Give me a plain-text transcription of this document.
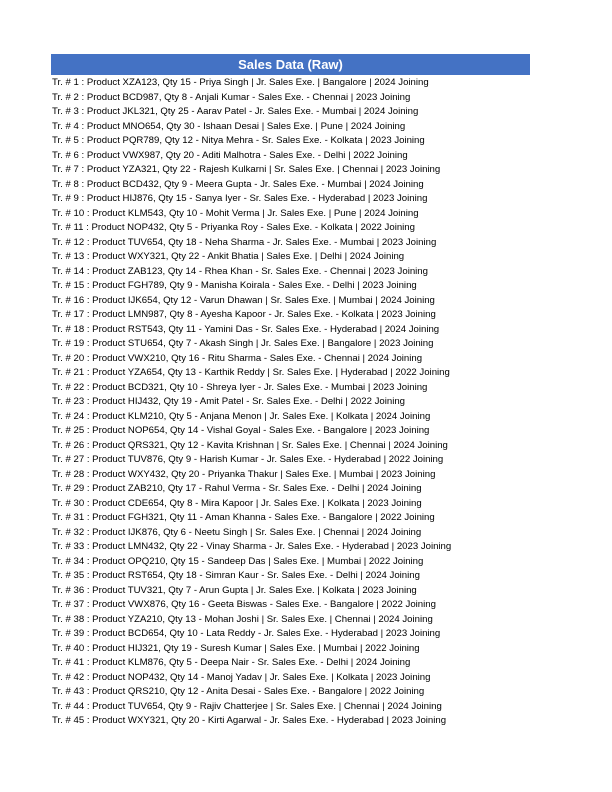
Sales Data (Raw)
Tr. # 1 : Product XZA123, Qty 15 - Priya Singh | Jr. Sales Exe. | Bangalore | 2024 Joining
Tr. # 2 : Product BCD987, Qty 8 - Anjali Kumar - Sales Exe. - Chennai | 2023 Joining
Tr. # 3 : Product JKL321, Qty 25 - Aarav Patel - Jr. Sales Exe. - Mumbai | 2024 Joining
Tr. # 4 : Product MNO654, Qty 30 - Ishaan Desai | Sales Exe. | Pune | 2024 Joining
Tr. # 5 : Product PQR789, Qty 12 - Nitya Mehra - Sr. Sales Exe. - Kolkata | 2023 Joining
Tr. # 6 : Product VWX987, Qty 20 - Aditi Malhotra - Sales Exe. - Delhi | 2022 Joining
Tr. # 7 : Product YZA321, Qty 22 - Rajesh Kulkarni | Sr. Sales Exe. | Chennai | 2023 Joining
Tr. # 8 : Product BCD432, Qty 9 - Meera Gupta - Jr. Sales Exe. - Mumbai | 2024 Joining
Tr. # 9 : Product HIJ876, Qty 15 - Sanya Iyer - Sr. Sales Exe. - Hyderabad | 2023 Joining
Tr. # 10 : Product KLM543, Qty 10 - Mohit Verma | Jr. Sales Exe. | Pune | 2024 Joining
Tr. # 11 : Product NOP432, Qty 5 - Priyanka Roy - Sales Exe. - Kolkata | 2022 Joining
Tr. # 12 : Product TUV654, Qty 18 - Neha Sharma - Jr. Sales Exe. - Mumbai | 2023 Joining
Tr. # 13 : Product WXY321, Qty 22 - Ankit Bhatia | Sales Exe. | Delhi | 2024 Joining
Tr. # 14 : Product ZAB123, Qty 14 - Rhea Khan - Sr. Sales Exe. - Chennai | 2023 Joining
Tr. # 15 : Product FGH789, Qty 9 - Manisha Koirala - Sales Exe. - Delhi | 2023 Joining
Tr. # 16 : Product IJK654, Qty 12 - Varun Dhawan | Sr. Sales Exe. | Mumbai | 2024 Joining
Tr. # 17 : Product LMN987, Qty 8 - Ayesha Kapoor - Jr. Sales Exe. - Kolkata | 2023 Joining
Tr. # 18 : Product RST543, Qty 11 - Yamini Das - Sr. Sales Exe. - Hyderabad | 2024 Joining
Tr. # 19 : Product STU654, Qty 7 - Akash Singh | Jr. Sales Exe. | Bangalore | 2023 Joining
Tr. # 20 : Product VWX210, Qty 16 - Ritu Sharma - Sales Exe. - Chennai | 2024 Joining
Tr. # 21 : Product YZA654, Qty 13 - Karthik Reddy | Sr. Sales Exe. | Hyderabad | 2022 Joining
Tr. # 22 : Product BCD321, Qty 10 - Shreya Iyer - Jr. Sales Exe. - Mumbai | 2023 Joining
Tr. # 23 : Product HIJ432, Qty 19 - Amit Patel - Sr. Sales Exe. - Delhi | 2022 Joining
Tr. # 24 : Product KLM210, Qty 5 - Anjana Menon | Jr. Sales Exe. | Kolkata | 2024 Joining
Tr. # 25 : Product NOP654, Qty 14 - Vishal Goyal - Sales Exe. - Bangalore | 2023 Joining
Tr. # 26 : Product QRS321, Qty 12 - Kavita Krishnan | Sr. Sales Exe. | Chennai | 2024 Joining
Tr. # 27 : Product TUV876, Qty 9 - Harish Kumar - Jr. Sales Exe. - Hyderabad | 2022 Joining
Tr. # 28 : Product WXY432, Qty 20 - Priyanka Thakur | Sales Exe. | Mumbai | 2023 Joining
Tr. # 29 : Product ZAB210, Qty 17 - Rahul Verma - Sr. Sales Exe. - Delhi | 2024 Joining
Tr. # 30 : Product CDE654, Qty 8 - Mira Kapoor | Jr. Sales Exe. | Kolkata | 2023 Joining
Tr. # 31 : Product FGH321, Qty 11 - Aman Khanna - Sales Exe. - Bangalore | 2022 Joining
Tr. # 32 : Product IJK876, Qty 6 - Neetu Singh | Sr. Sales Exe. | Chennai | 2024 Joining
Tr. # 33 : Product LMN432, Qty 22 - Vinay Sharma - Jr. Sales Exe. - Hyderabad | 2023 Joining
Tr. # 34 : Product OPQ210, Qty 15 - Sandeep Das | Sales Exe. | Mumbai | 2022 Joining
Tr. # 35 : Product RST654, Qty 18 - Simran Kaur - Sr. Sales Exe. - Delhi | 2024 Joining
Tr. # 36 : Product TUV321, Qty 7 - Arun Gupta | Jr. Sales Exe. | Kolkata | 2023 Joining
Tr. # 37 : Product VWX876, Qty 16 - Geeta Biswas - Sales Exe. - Bangalore | 2022 Joining
Tr. # 38 : Product YZA210, Qty 13 - Mohan Joshi | Sr. Sales Exe. | Chennai | 2024 Joining
Tr. # 39 : Product BCD654, Qty 10 - Lata Reddy - Jr. Sales Exe. - Hyderabad | 2023 Joining
Tr. # 40 : Product HIJ321, Qty 19 - Suresh Kumar | Sales Exe. | Mumbai | 2022 Joining
Tr. # 41 : Product KLM876, Qty 5 - Deepa Nair - Sr. Sales Exe. - Delhi | 2024 Joining
Tr. # 42 : Product NOP432, Qty 14 - Manoj Yadav | Jr. Sales Exe. | Kolkata | 2023 Joining
Tr. # 43 : Product QRS210, Qty 12 - Anita Desai - Sales Exe. - Bangalore | 2022 Joining
Tr. # 44 : Product TUV654, Qty 9 - Rajiv Chatterjee | Sr. Sales Exe. | Chennai | 2024 Joining
Tr. # 45 : Product WXY321, Qty 20 - Kirti Agarwal - Jr. Sales Exe. - Hyderabad | 2023 Joining
